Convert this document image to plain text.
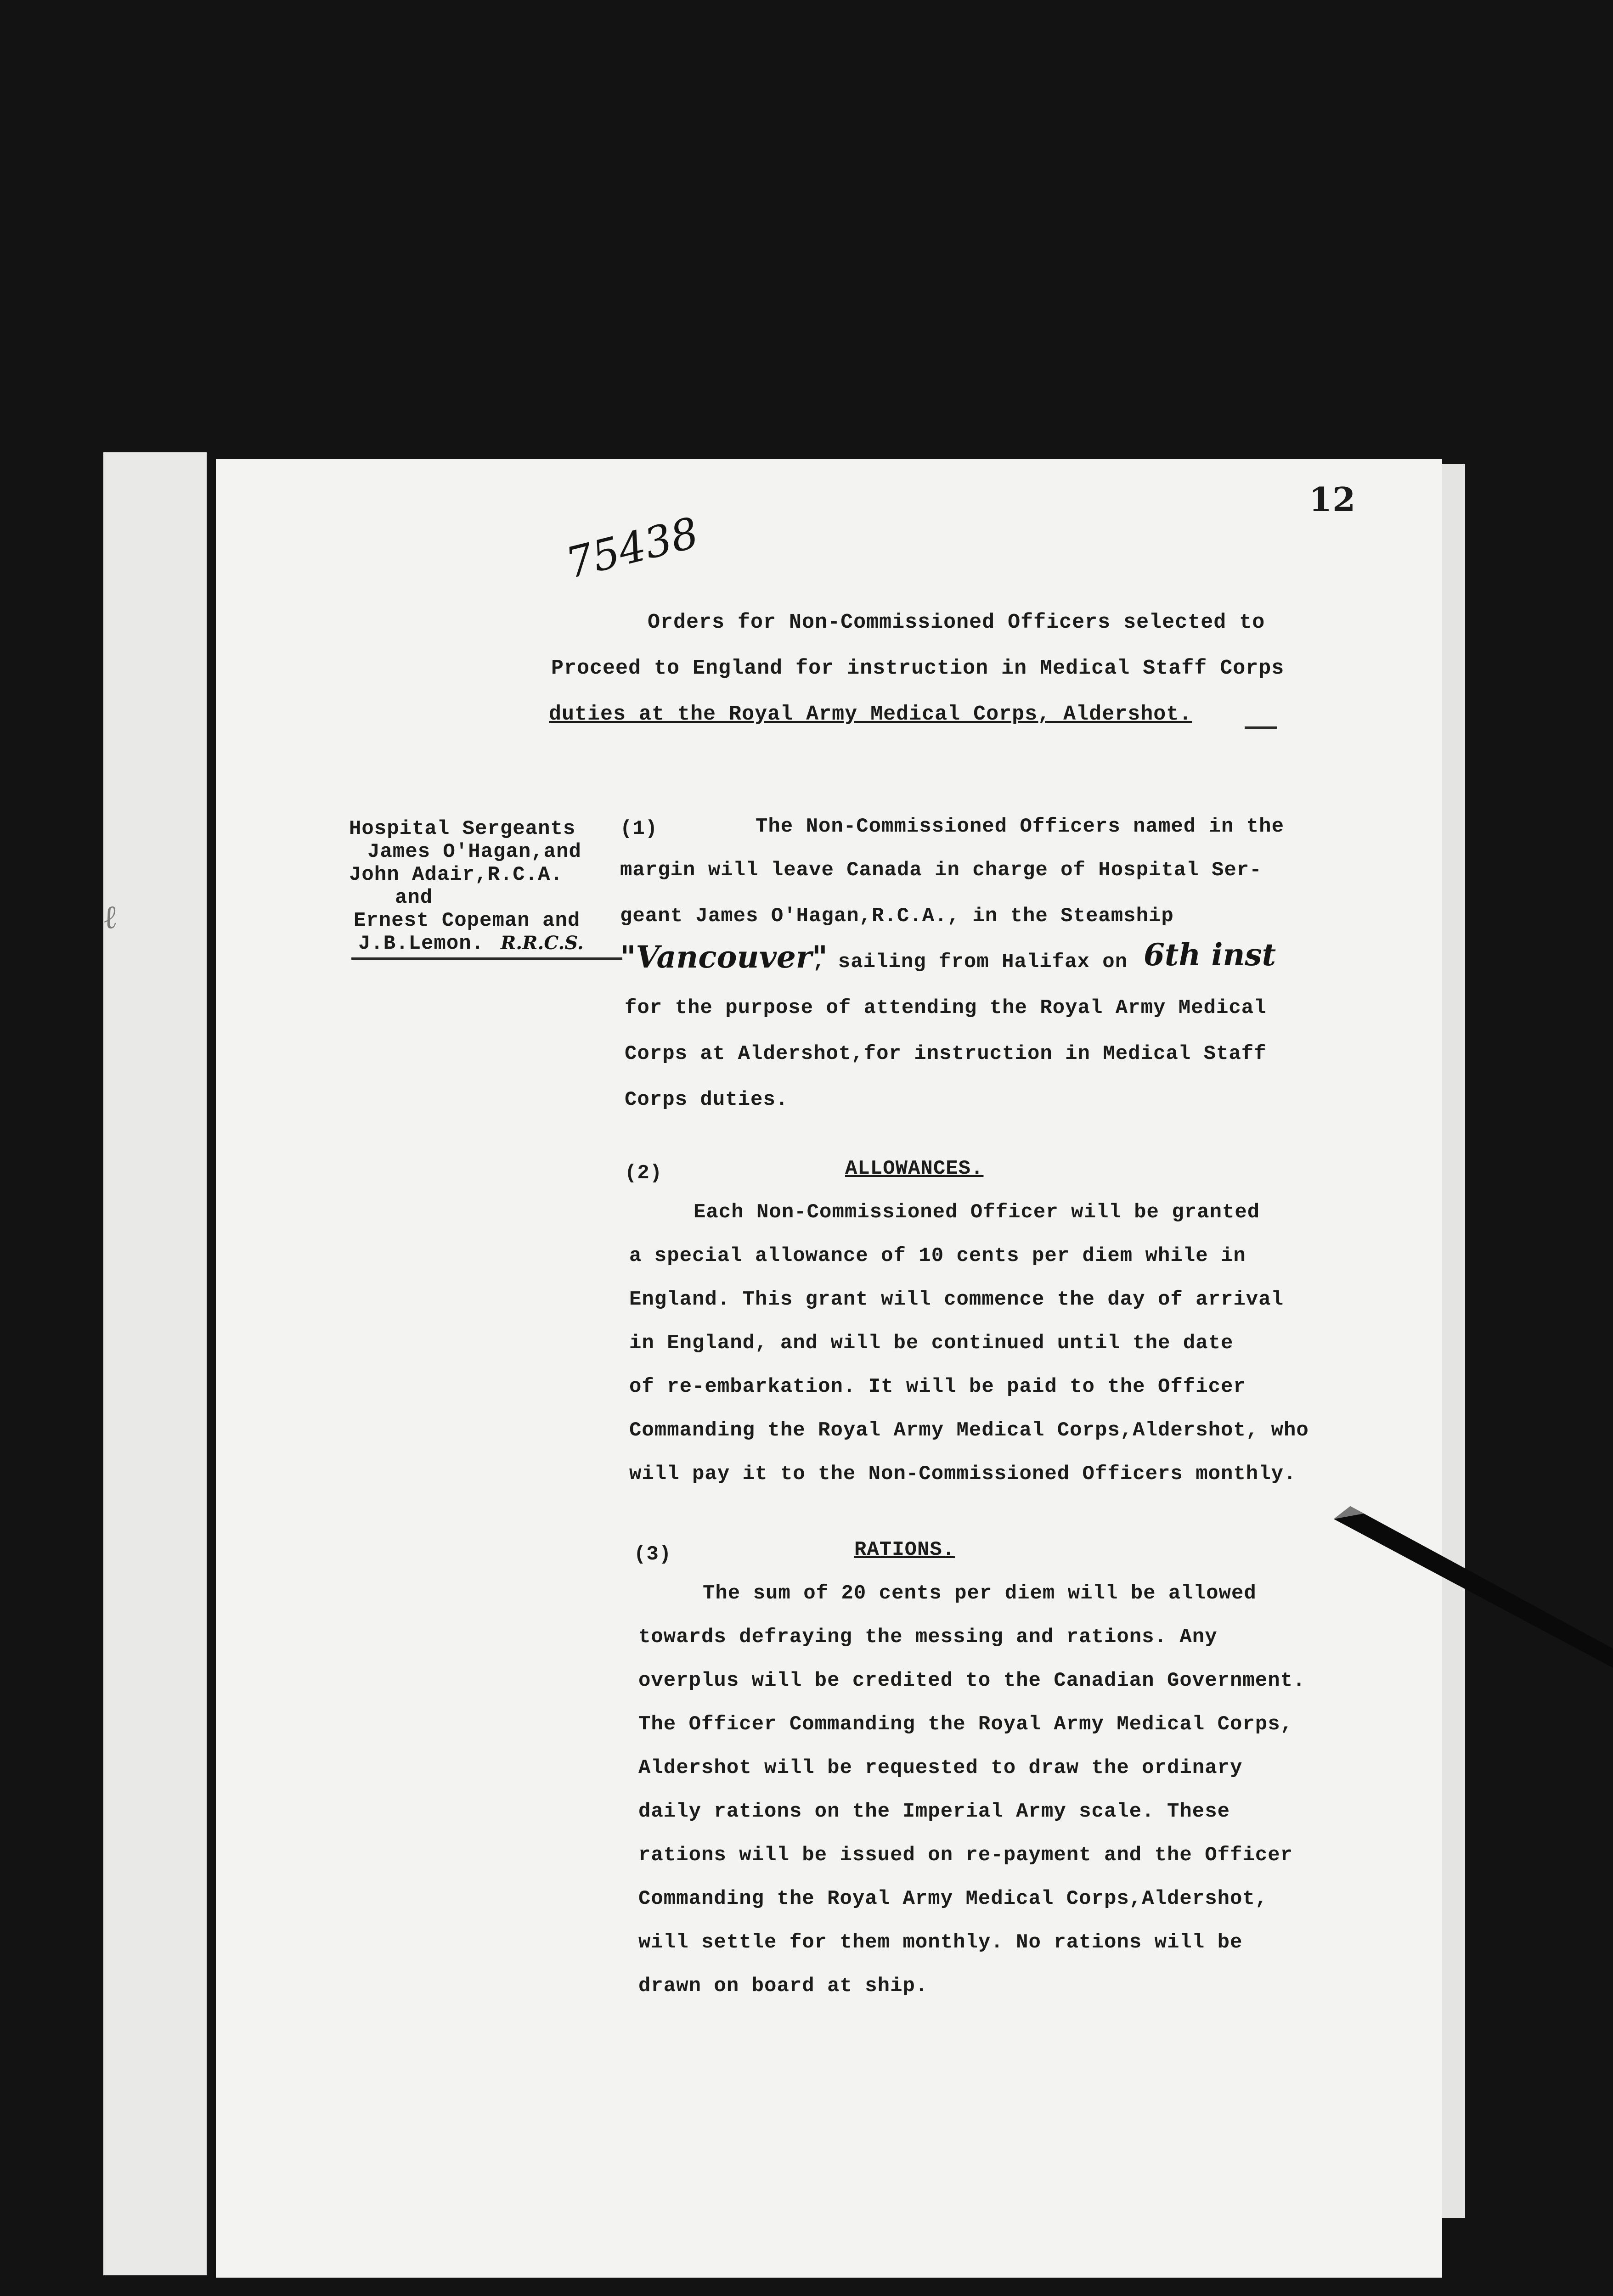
ℓ
12
75438
Orders for Non-Commissioned Officers selected to
Proceed to England for instruction in Medical Staff Corps
duties at the Royal Army Medical Corps, Aldershot.
Hospital Sergeants
James O'Hagan,and
John Adair,R.C.A.
and
Ernest Copeman and
J.B.Lemon. R.R.C.S.
(1)	The Non-Commissioned Officers named in the
margin will leave Canada in charge of Hospital Ser-
geant James O'Hagan,R.C.A., in the Steamship
"Vancouver"
, sailing from Halifax on 6th inst
for the purpose of attending the Royal Army Medical
Corps at Aldershot,for instruction in Medical Staff
Corps duties.
(2)	ALLOWANCES.
Each Non-Commissioned Officer will be granted
a special allowance of 10 cents per diem while in
England. This grant will commence the day of arrival
in England, and will be continued until the date
of re-embarkation. It will be paid to the Officer
Commanding the Royal Army Medical Corps,Aldershot, who
will pay it to the Non-Commissioned Officers monthly.
(3)	RATIONS.
The sum of 20 cents per diem will be allowed
towards defraying the messing and rations. Any
overplus will be credited to the Canadian Government.
The Officer Commanding the Royal Army Medical Corps,
Aldershot will be requested to draw the ordinary
daily rations on the Imperial Army scale. These
rations will be issued on re-payment and the Officer
Commanding the Royal Army Medical Corps,Aldershot,
will settle for them monthly. No rations will be
drawn on board at ship.
